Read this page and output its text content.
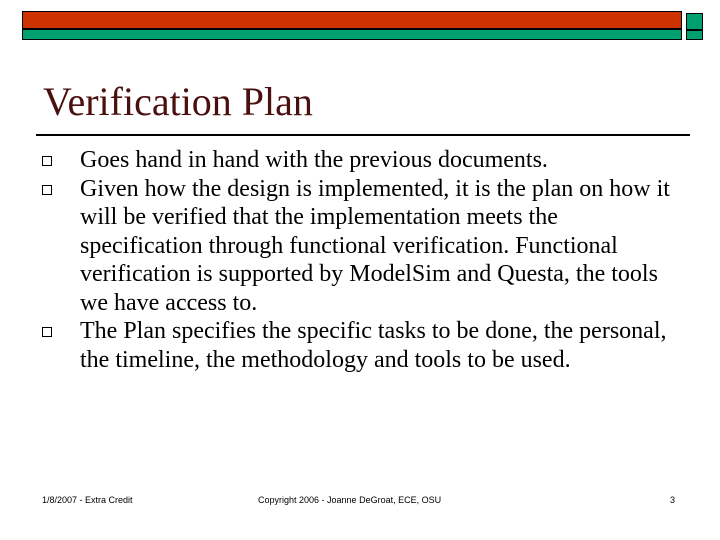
Verification Plan
Goes hand in hand with the previous documents.
Given how the design is implemented, it is the plan on how it will be verified that the implementation meets the specification through functional verification. Functional verification is supported by ModelSim and Questa, the tools we have access to.
The Plan specifies the specific tasks to be done, the personal, the timeline, the methodology and tools to be used.
1/8/2007 - Extra Credit	Copyright 2006 - Joanne DeGroat, ECE, OSU	3
